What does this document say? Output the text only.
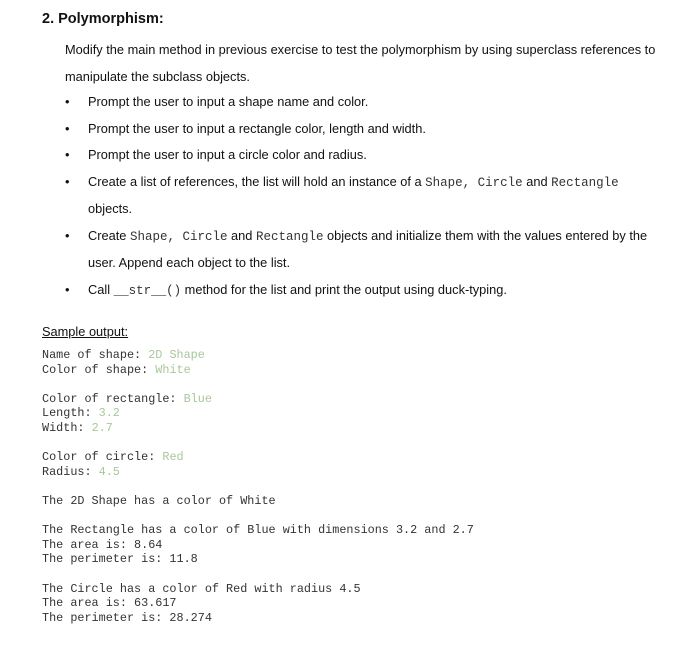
2. Polymorphism:
Modify the main method in previous exercise to test the polymorphism by using superclass references to manipulate the subclass objects.
• Prompt the user to input a shape name and color.
• Prompt the user to input a rectangle color, length and width.
• Prompt the user to input a circle color and radius.
• Create a list of references, the list will hold an instance of a Shape, Circle and Rectangle objects.
• Create Shape, Circle and Rectangle objects and initialize them with the values entered by the user. Append each object to the list.
• Call __str__() method for the list and print the output using duck-typing.
Sample output:
Name of shape: 2D Shape
Color of shape: White
Color of rectangle: Blue
Length: 3.2
Width: 2.7
Color of circle: Red
Radius: 4.5
The 2D Shape has a color of White
The Rectangle has a color of Blue with dimensions 3.2 and 2.7
The area is: 8.64
The perimeter is: 11.8
The Circle has a color of Red with radius 4.5
The area is: 63.617
The perimeter is: 28.274
